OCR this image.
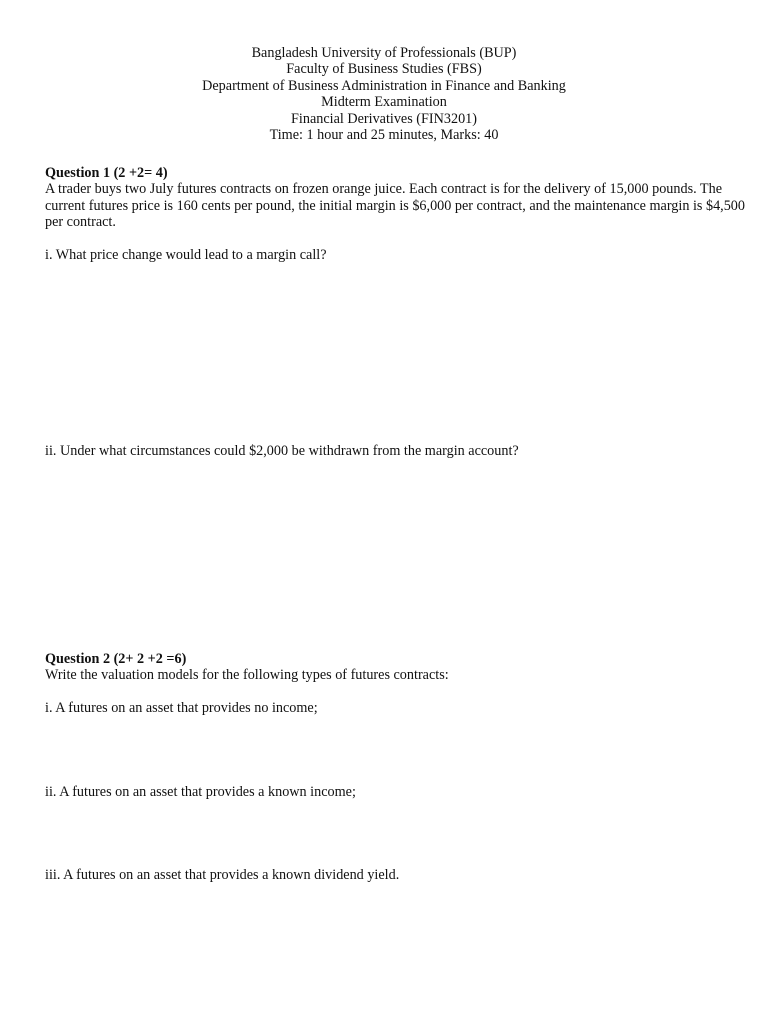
Bangladesh University of Professionals (BUP)
Faculty of Business Studies (FBS)
Department of Business Administration in Finance and Banking
Midterm Examination
Financial Derivatives (FIN3201)
Time: 1 hour and 25 minutes, Marks: 40
Question 1 (2 +2= 4)
A trader buys two July futures contracts on frozen orange juice. Each contract is for the delivery of 15,000 pounds. The
current futures price is 160 cents per pound, the initial margin is $6,000 per contract, and the maintenance margin is $4,500
per contract.
i. What price change would lead to a margin call?
ii. Under what circumstances could $2,000 be withdrawn from the margin account?
Question 2 (2+ 2 +2 =6)
Write the valuation models for the following types of futures contracts:
i. A futures on an asset that provides no income;
ii. A futures on an asset that provides a known income;
iii. A futures on an asset that provides a known dividend yield.
